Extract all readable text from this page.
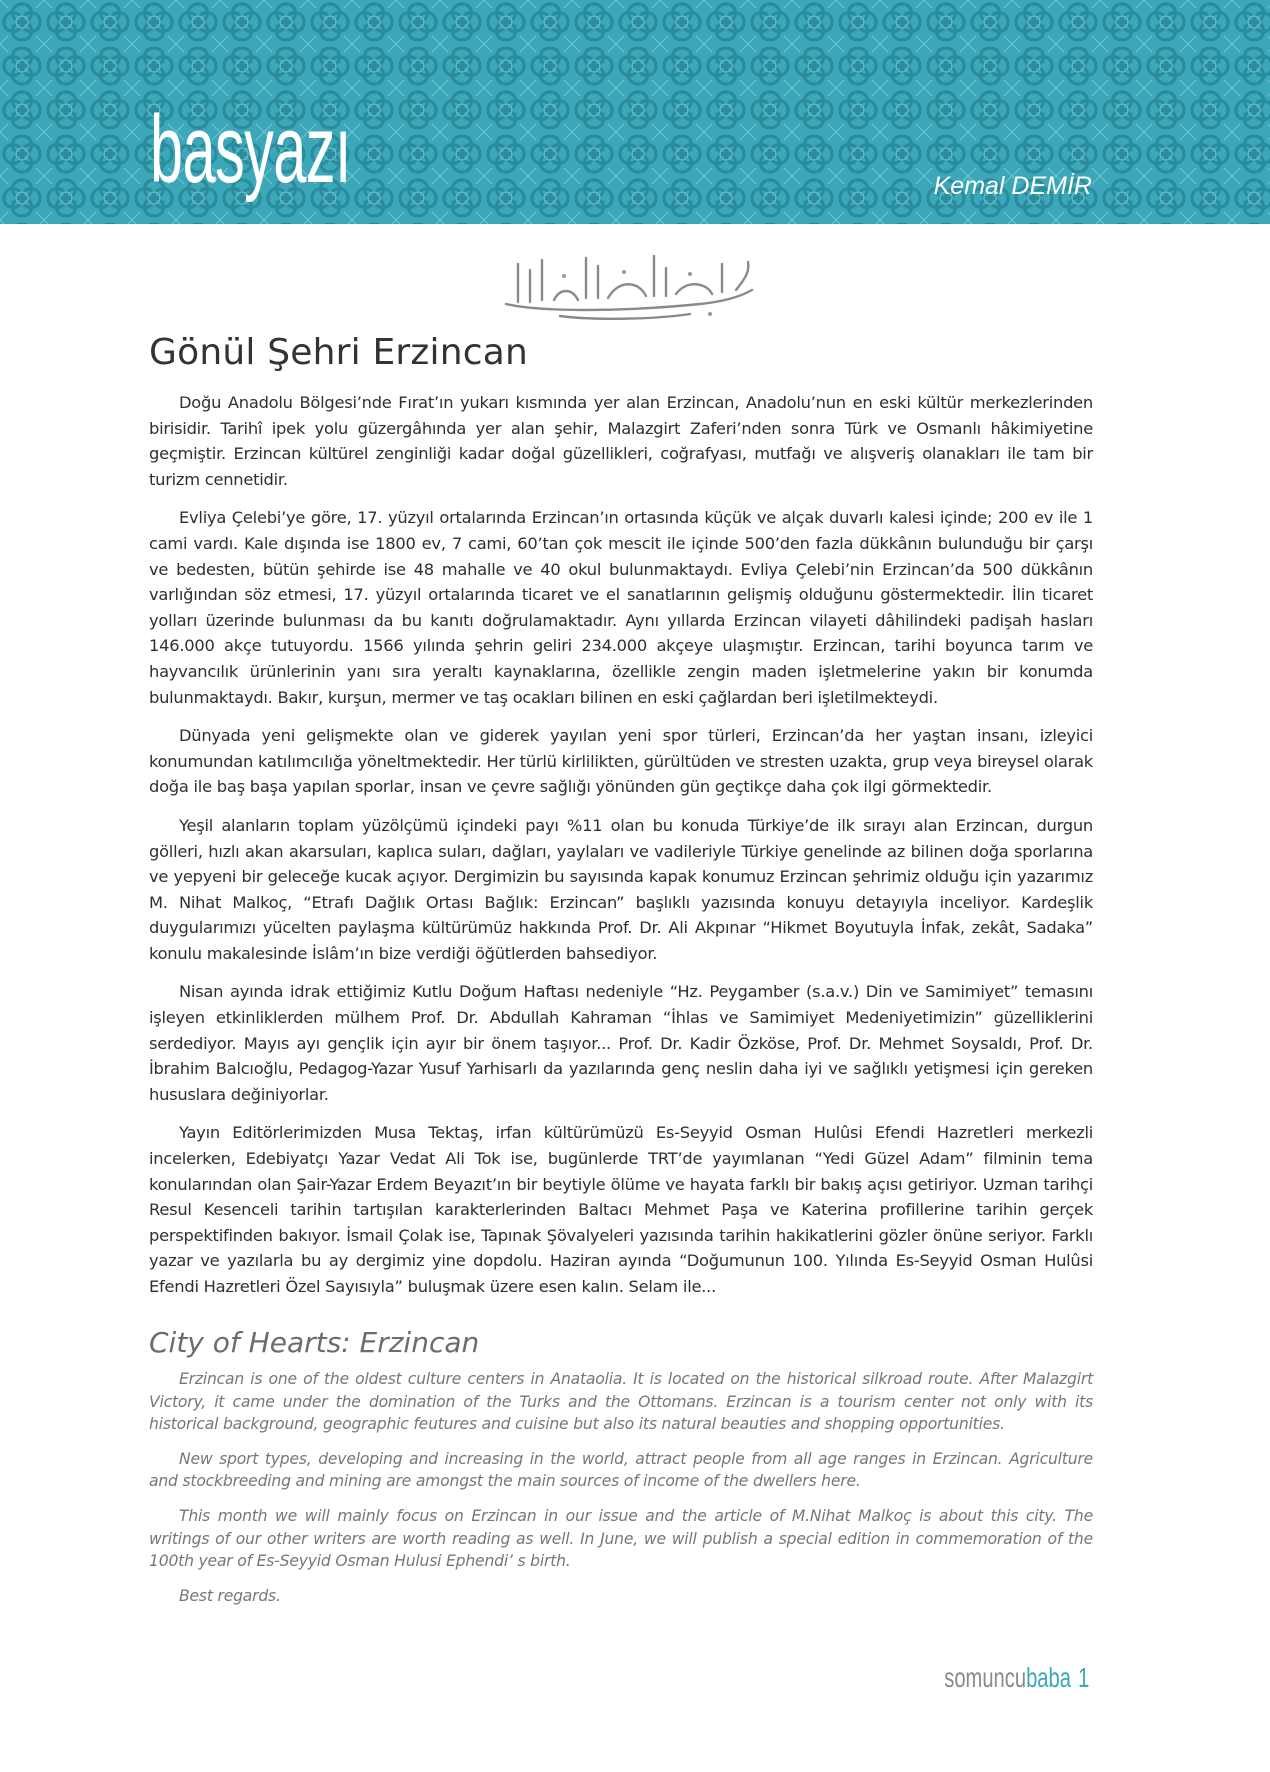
basyazı	Kemal DEMİR
Gönül Şehri Erzincan

Doğu Anadolu Bölgesi’nde Fırat’ın yukarı kısmında yer alan Erzincan, Anadolu’nun en eski kültür merkezlerinden birisidir. Tarihî ipek yolu güzergâhında yer alan şehir, Malazgirt Zaferi’nden sonra Türk ve Osmanlı hâkimiyetine geçmiştir. Erzincan kültürel zenginliği kadar doğal güzellikleri, coğrafyası, mutfağı ve alışveriş olanakları ile tam bir turizm cennetidir.

Evliya Çelebi’ye göre, 17. yüzyıl ortalarında Erzincan’ın ortasında küçük ve alçak duvarlı kalesi içinde; 200 ev ile 1 cami vardı. Kale dışında ise 1800 ev, 7 cami, 60’tan çok mescit ile içinde 500’den fazla dükkânın bulunduğu bir çarşı ve bedesten, bütün şehirde ise 48 mahalle ve 40 okul bulunmaktaydı. Evliya Çelebi’nin Erzincan’da 500 dükkânın varlığından söz etmesi, 17. yüzyıl ortalarında ticaret ve el sanatlarının gelişmiş olduğunu göstermektedir. İlin ticaret yolları üzerinde bulunması da bu kanıtı doğrulamaktadır. Aynı yıllarda Erzincan vilayeti dâhilindeki padişah hasları 146.000 akçe tutuyordu. 1566 yılında şehrin geliri 234.000 akçeye ulaşmıştır. Erzincan, tarihi boyunca tarım ve hayvancılık ürünlerinin yanı sıra yeraltı kaynaklarına, özellikle zengin maden işletmelerine yakın bir konumda bulunmaktaydı. Bakır, kurşun, mermer ve taş ocakları bilinen en eski çağlardan beri işletilmekteydi.

Dünyada yeni gelişmekte olan ve giderek yayılan yeni spor türleri, Erzincan’da her yaştan insanı, izleyici konumundan katılımcılığa yöneltmektedir. Her türlü kirlilikten, gürültüden ve stresten uzakta, grup veya bireysel olarak doğa ile baş başa yapılan sporlar, insan ve çevre sağlığı yönünden gün geçtikçe daha çok ilgi görmektedir.

Yeşil alanların toplam yüzölçümü içindeki payı %11 olan bu konuda Türkiye’de ilk sırayı alan Erzincan, durgun gölleri, hızlı akan akarsuları, kaplıca suları, dağları, yaylaları ve vadileriyle Türkiye genelinde az bilinen doğa sporlarına ve yepyeni bir geleceğe kucak açıyor. Dergimizin bu sayısında kapak konumuz Erzincan şehrimiz olduğu için yazarımız M. Nihat Malkoç, “Etrafı Dağlık Ortası Bağlık: Erzincan” başlıklı yazısında konuyu detayıyla inceliyor. Kardeşlik duygularımızı yücelten paylaşma kültürümüz hakkında Prof. Dr. Ali Akpınar “Hikmet Boyutuyla İnfak, zekât, Sadaka” konulu makalesinde İslâm’ın bize verdiği öğütlerden bahsediyor.

Nisan ayında idrak ettiğimiz Kutlu Doğum Haftası nedeniyle “Hz. Peygamber (s.a.v.) Din ve Samimiyet” temasını işleyen etkinliklerden mülhem Prof. Dr. Abdullah Kahraman “İhlas ve Samimiyet Medeniyetimizin” güzelliklerini serdediyor. Mayıs ayı gençlik için ayır bir önem taşıyor... Prof. Dr. Kadir Özköse, Prof. Dr. Mehmet Soysaldı, Prof. Dr. İbrahim Balcıoğlu, Pedagog-Yazar Yusuf Yarhisarlı da yazılarında genç neslin daha iyi ve sağlıklı yetişmesi için gereken hususlara değiniyorlar.

Yayın Editörlerimizden Musa Tektaş, irfan kültürümüzü Es-Seyyid Osman Hulûsi Efendi Hazretleri merkezli incelerken, Edebiyatçı Yazar Vedat Ali Tok ise, bugünlerde TRT’de yayımlanan “Yedi Güzel Adam” filminin tema konularından olan Şair-Yazar Erdem Beyazıt’ın bir beytiyle ölüme ve hayata farklı bir bakış açısı getiriyor. Uzman tarihçi Resul Kesenceli tarihin tartışılan karakterlerinden Baltacı Mehmet Paşa ve Katerina profillerine tarihin gerçek perspektifinden bakıyor. İsmail Çolak ise, Tapınak Şövalyeleri yazısında tarihin hakikatlerini gözler önüne seriyor. Farklı yazar ve yazılarla bu ay dergimiz yine dopdolu. Haziran ayında “Doğumunun 100. Yılında Es-Seyyid Osman Hulûsi Efendi Hazretleri Özel Sayısıyla” buluşmak üzere esen kalın. Selam ile...

City of Hearts: Erzincan

Erzincan is one of the oldest culture centers in Anataolia. It is located on the historical silkroad route. After Malazgirt Victory, it came under the domination of the Turks and the Ottomans. Erzincan is a tourism center not only with its historical background, geographic feutures and cuisine but also its natural beauties and shopping opportunities.

New sport types, developing and increasing in the world, attract people from all age ranges in Erzincan. Agriculture and stockbreeding and mining are amongst the main sources of income of the dwellers here.

This month we will mainly focus on Erzincan in our issue and the article of M.Nihat Malkoç is about this city. The writings of our other writers are worth reading as well. In June, we will publish a special edition in commemoration of the 100th year of Es-Seyyid Osman Hulusi Ephendi’ s birth.

Best regards.

somuncubaba 1
